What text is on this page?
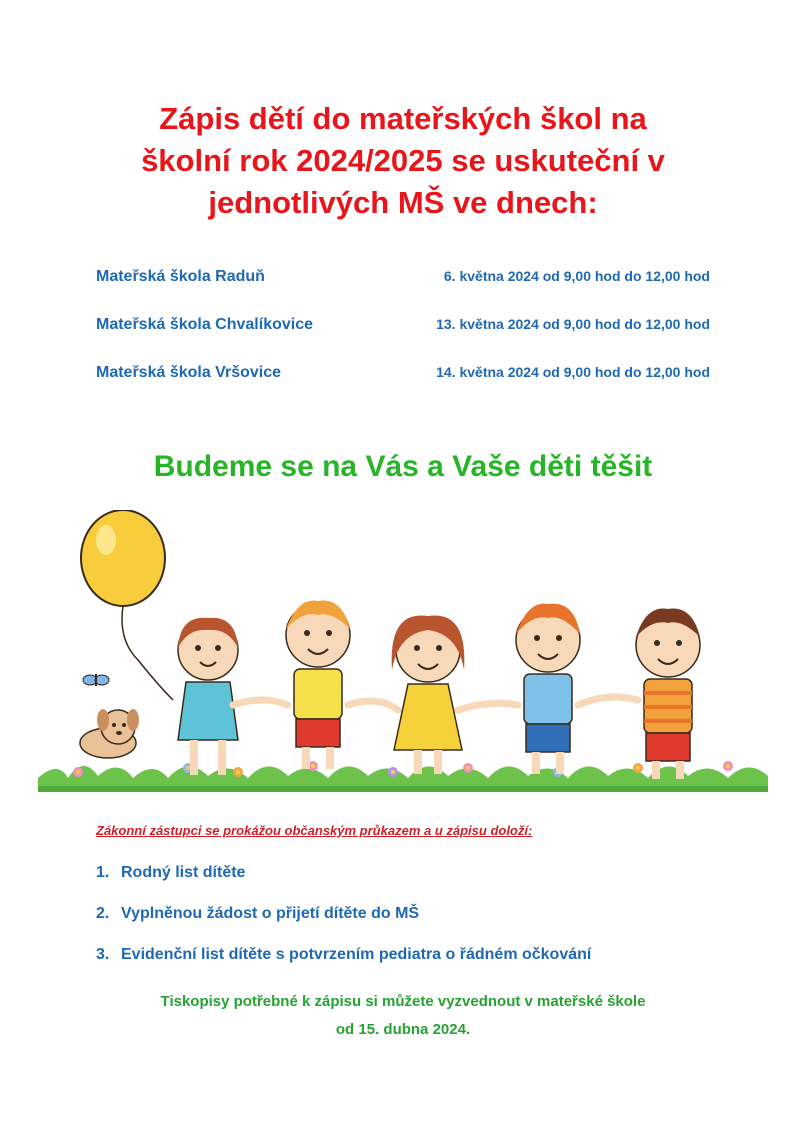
Zápis dětí do mateřských škol na
školní rok 2024/2025 se uskuteční v
jednotlivých MŠ ve dnech:
Mateřská škola Raduň	6. května 2024 od 9,00 hod do 12,00 hod
Mateřská škola Chvalíkovice	13. května 2024 od 9,00 hod do 12,00 hod
Mateřská škola Vršovice	14. května 2024 od 9,00 hod do 12,00 hod
Budeme se na Vás a Vaše děti těšit
Zákonní zástupci se prokážou občanským průkazem a u zápisu doloží:
1. Rodný list dítěte
2. Vyplněnou žádost o přijetí dítěte do MŠ
3. Evidenční list dítěte s potvrzením pediatra o řádném očkování
Tiskopisy potřebné k zápisu si můžete vyzvednout v mateřské škole
od 15. dubna 2024.
